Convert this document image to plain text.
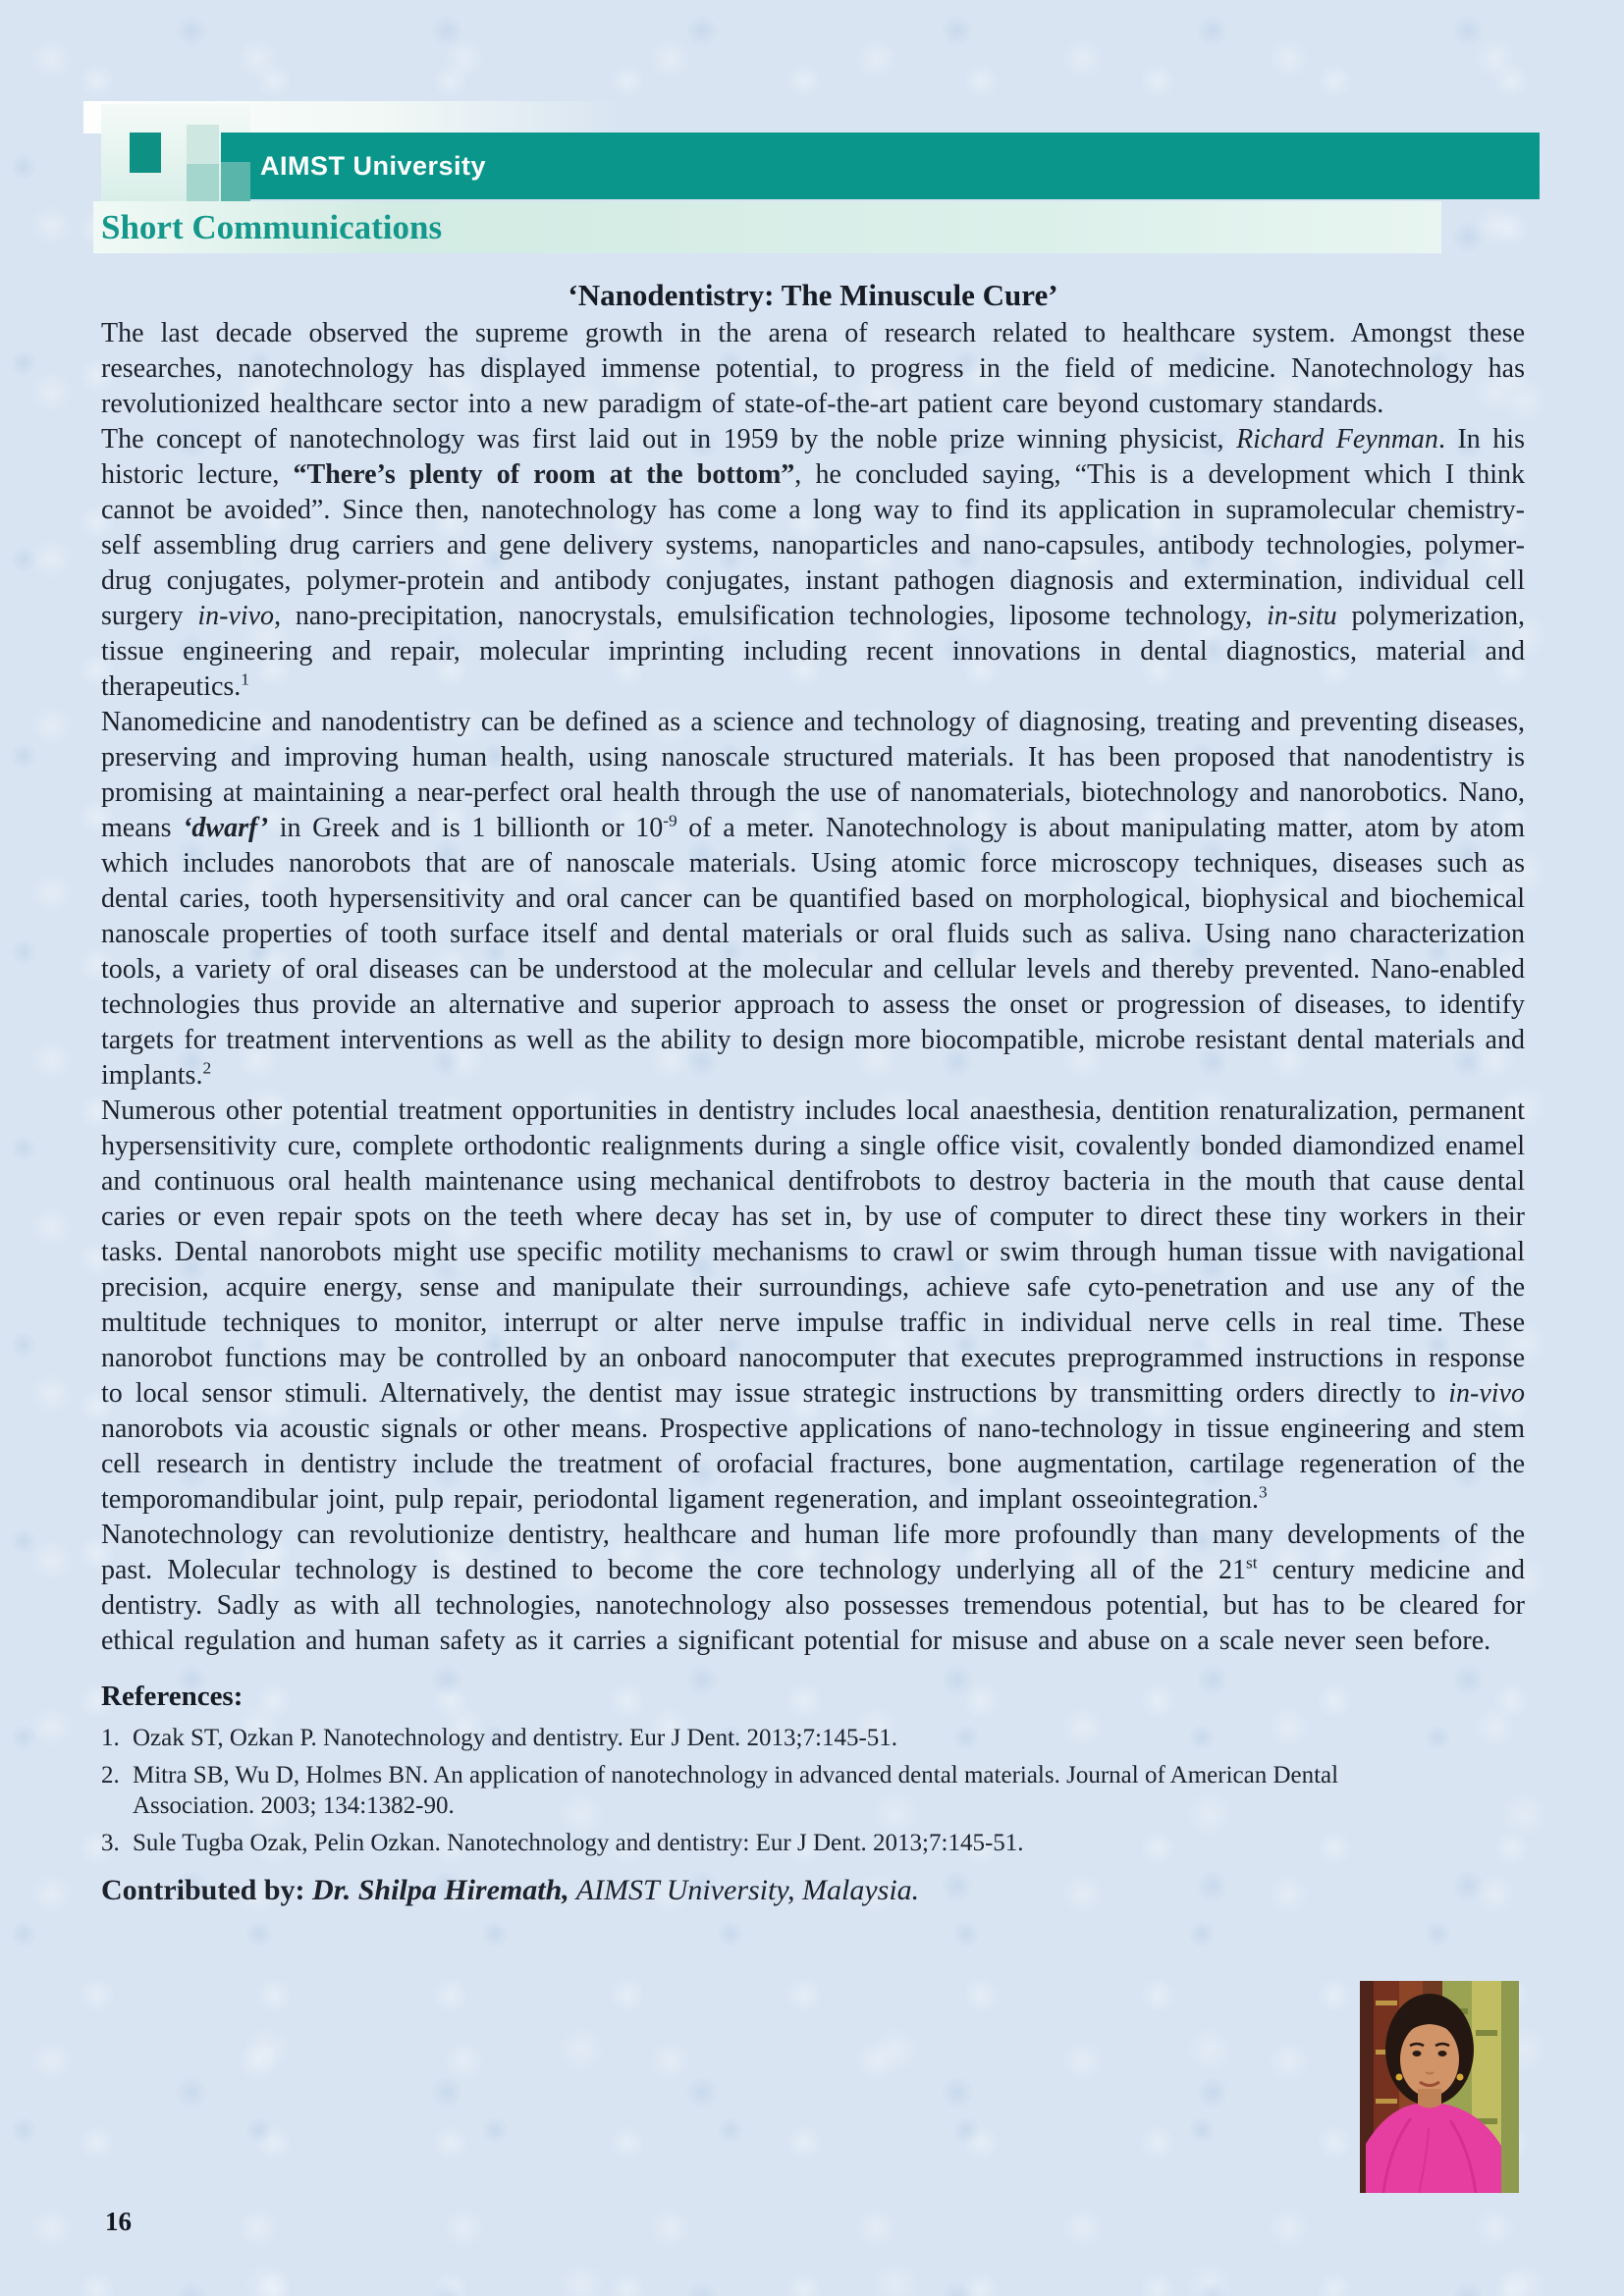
AIMST University
Short Communications
‘Nanodentistry: The Minuscule Cure’

The last decade observed the supreme growth in the arena of research related to healthcare system. Amongst these researches, nanotechnology has displayed immense potential, to progress in the field of medicine. Nanotechnology has revolutionized healthcare sector into a new paradigm of state-of-the-art patient care beyond customary standards.

The concept of nanotechnology was first laid out in 1959 by the noble prize winning physicist, Richard Feynman. In his historic lecture, “There’s plenty of room at the bottom”, he concluded saying, “This is a development which I think cannot be avoided”. Since then, nanotechnology has come a long way to find its application in supramolecular chemistry-self assembling drug carriers and gene delivery systems, nanoparticles and nano-capsules, antibody technologies, polymer-drug conjugates, polymer-protein and antibody conjugates, instant pathogen diagnosis and extermination, individual cell surgery in-vivo, nano-precipitation, nanocrystals, emulsification technologies, liposome technology, in-situ polymerization, tissue engineering and repair, molecular imprinting including recent innovations in dental diagnostics, material and therapeutics.$^1$

Nanomedicine and nanodentistry can be defined as a science and technology of diagnosing, treating and preventing diseases, preserving and improving human health, using nanoscale structured materials. It has been proposed that nanodentistry is promising at maintaining a near-perfect oral health through the use of nanomaterials, biotechnology and nanorobotics. Nano, means ‘dwarf’ in Greek and is 1 billionth or $10^{-9}$ of a meter. Nanotechnology is about manipulating matter, atom by atom which includes nanorobots that are of nanoscale materials. Using atomic force microscopy techniques, diseases such as dental caries, tooth hypersensitivity and oral cancer can be quantified based on morphological, biophysical and biochemical nanoscale properties of tooth surface itself and dental materials or oral fluids such as saliva. Using nano characterization tools, a variety of oral diseases can be understood at the molecular and cellular levels and thereby prevented. Nano-enabled technologies thus provide an alternative and superior approach to assess the onset or progression of diseases, to identify targets for treatment interventions as well as the ability to design more biocompatible, microbe resistant dental materials and implants.$^2$

Numerous other potential treatment opportunities in dentistry includes local anaesthesia, dentition renaturalization, permanent hypersensitivity cure, complete orthodontic realignments during a single office visit, covalently bonded diamondized enamel and continuous oral health maintenance using mechanical dentifrobots to destroy bacteria in the mouth that cause dental caries or even repair spots on the teeth where decay has set in, by use of computer to direct these tiny workers in their tasks. Dental nanorobots might use specific motility mechanisms to crawl or swim through human tissue with navigational precision, acquire energy, sense and manipulate their surroundings, achieve safe cyto-penetration and use any of the multitude techniques to monitor, interrupt or alter nerve impulse traffic in individual nerve cells in real time. These nanorobot functions may be controlled by an onboard nanocomputer that executes preprogrammed instructions in response to local sensor stimuli. Alternatively, the dentist may issue strategic instructions by transmitting orders directly to in-vivo nanorobots via acoustic signals or other means. Prospective applications of nano-technology in tissue engineering and stem cell research in dentistry include the treatment of orofacial fractures, bone augmentation, cartilage regeneration of the temporomandibular joint, pulp repair, periodontal ligament regeneration, and implant osseointegration.$^3$

Nanotechnology can revolutionize dentistry, healthcare and human life more profoundly than many developments of the past. Molecular technology is destined to become the core technology underlying all of the 21st century medicine and dentistry. Sadly as with all technologies, nanotechnology also possesses tremendous potential, but has to be cleared for ethical regulation and human safety as it carries a significant potential for misuse and abuse on a scale never seen before.

References:
1. Ozak ST, Ozkan P. Nanotechnology and dentistry. Eur J Dent. 2013;7:145-51.
2. Mitra SB, Wu D, Holmes BN. An application of nanotechnology in advanced dental materials. Journal of American Dental Association. 2003; 134:1382-90.
3. Sule Tugba Ozak, Pelin Ozkan. Nanotechnology and dentistry: Eur J Dent. 2013;7:145-51.

Contributed by: Dr. Shilpa Hiremath, AIMST University, Malaysia.

16
